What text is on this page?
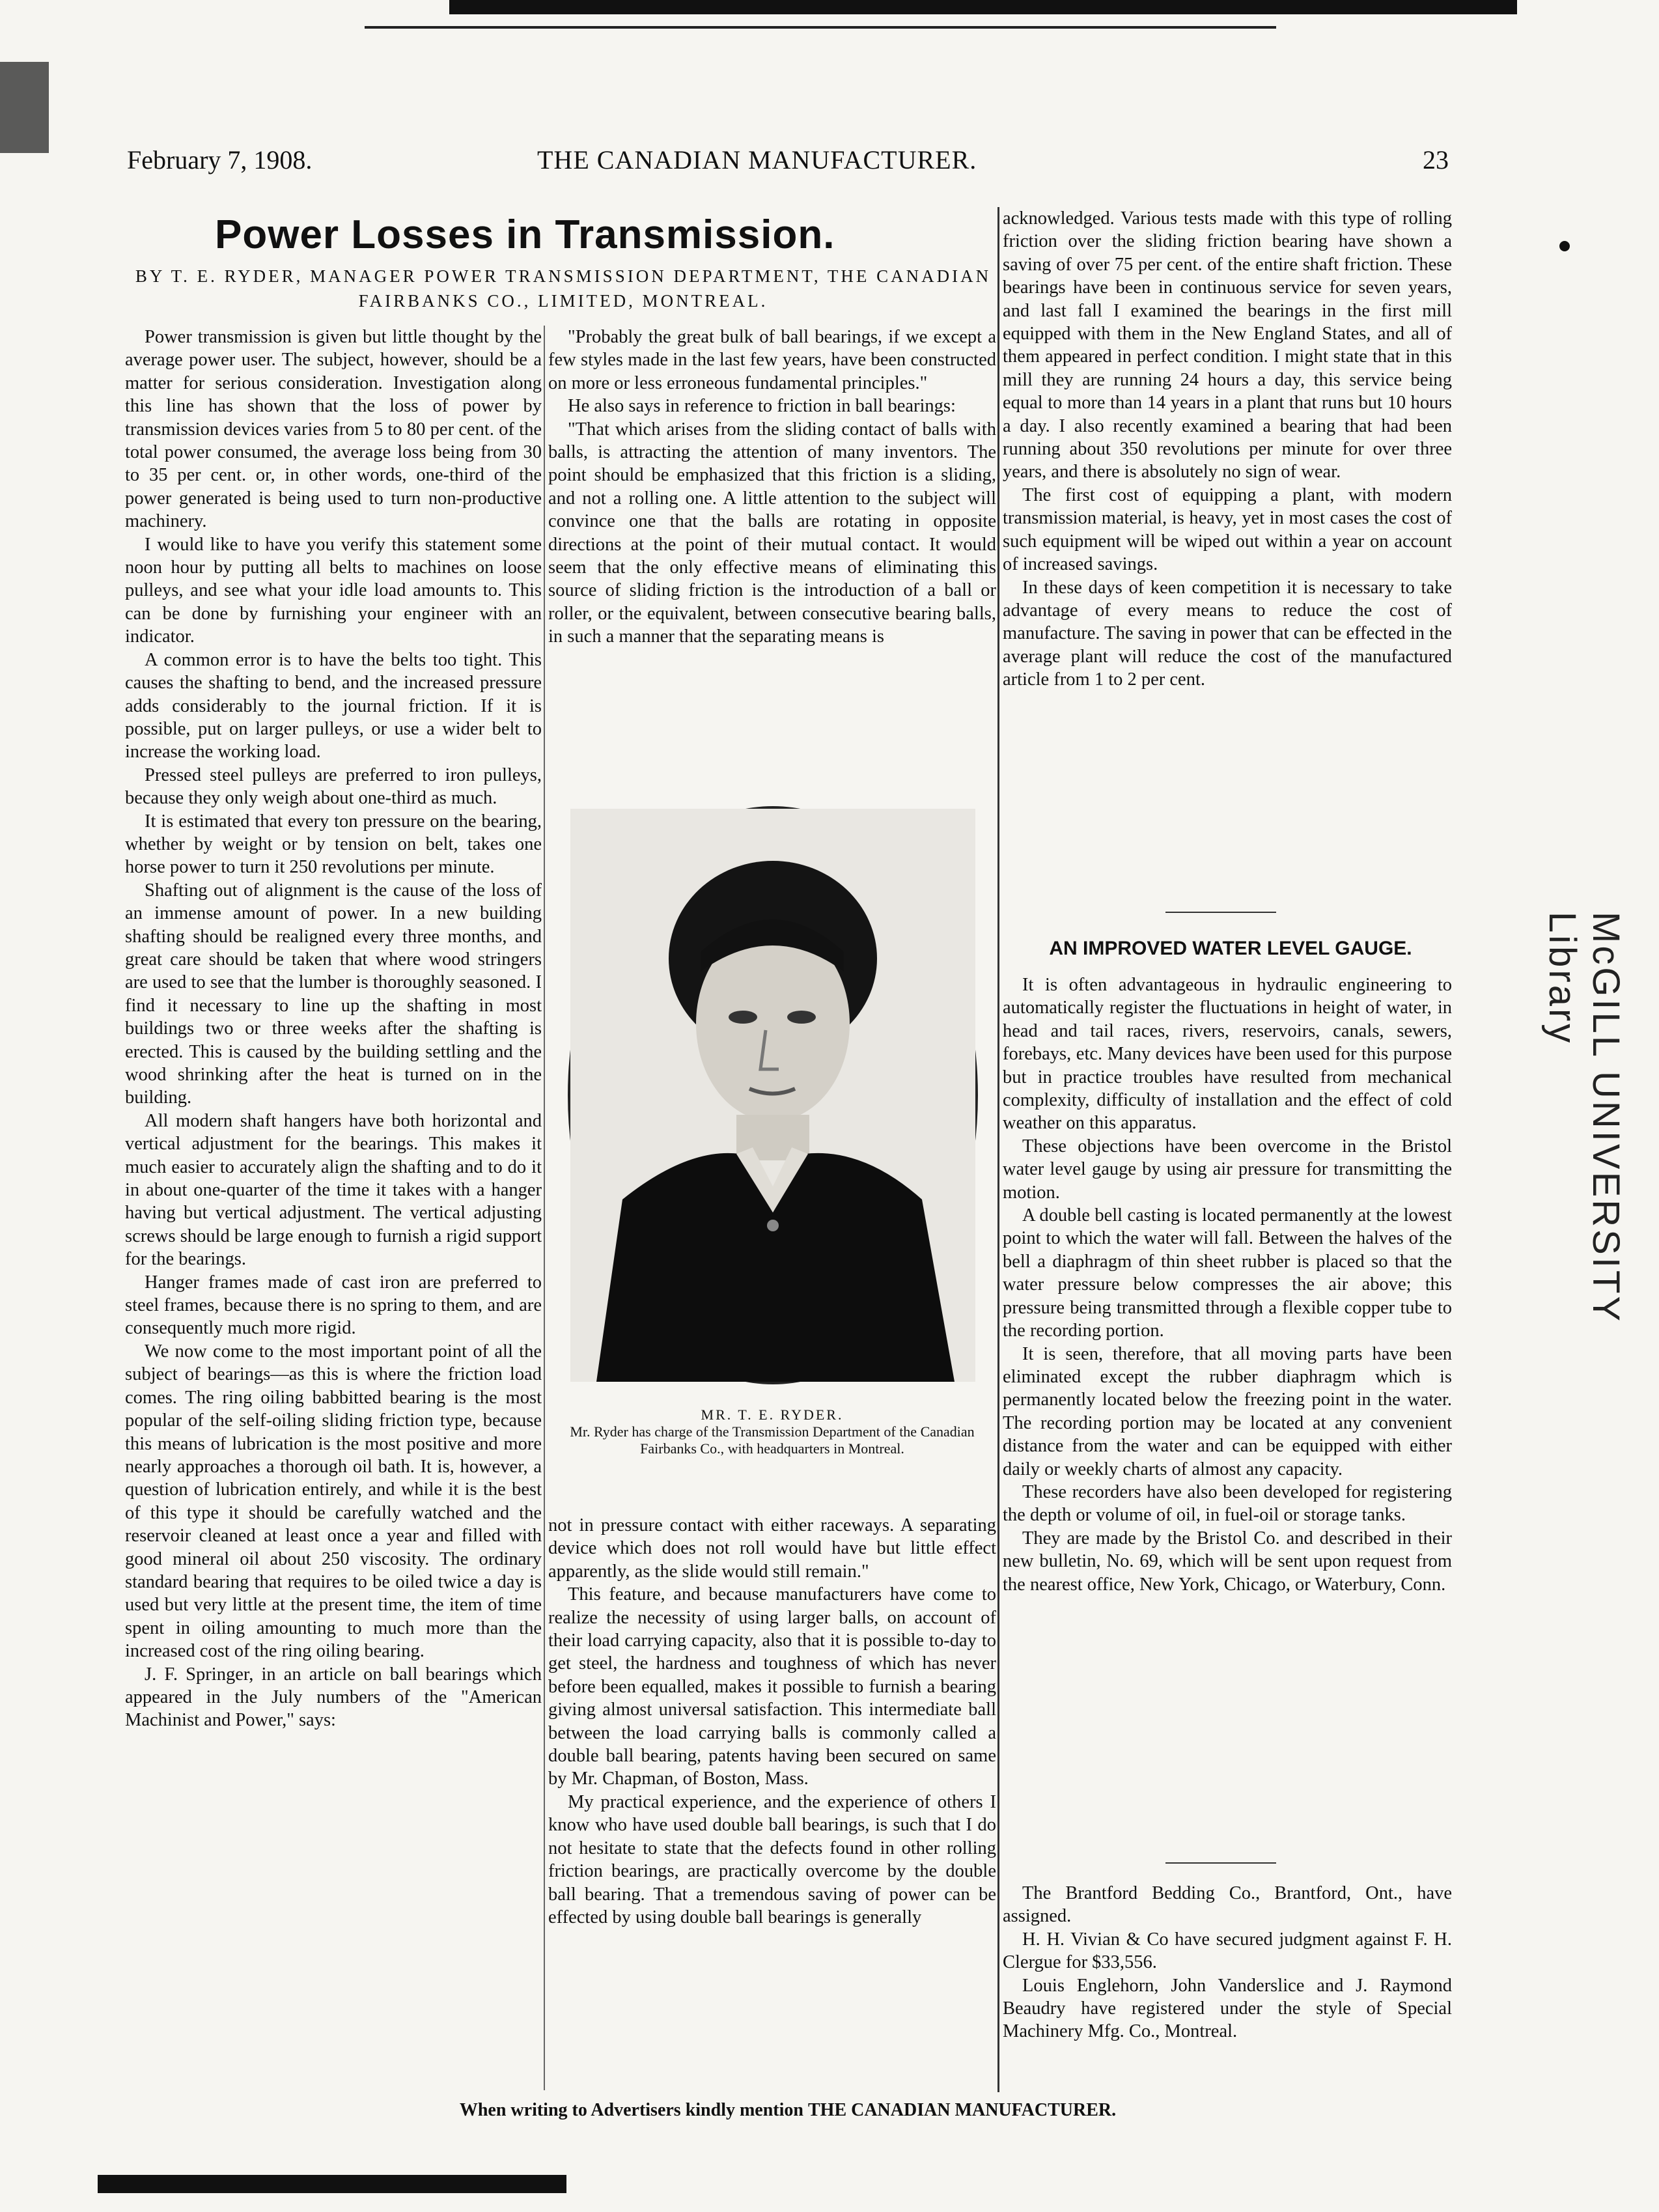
McGILL UNIVERSITY Library
February 7, 1908.	THE CANADIAN MANUFACTURER.	23
Power Losses in Transmission.
BY T. E. RYDER, MANAGER POWER TRANSMISSION DEPARTMENT, THE CANADIAN FAIRBANKS CO., LIMITED, MONTREAL.

Power transmission is given but little thought by the average power user. The subject, however, should be a matter for serious consideration. Investigation along this line has shown that the loss of power by transmission devices varies from 5 to 80 per cent. of the total power consumed, the average loss being from 30 to 35 per cent. or, in other words, one-third of the power generated is being used to turn non-productive machinery.

I would like to have you verify this statement some noon hour by putting all belts to machines on loose pulleys, and see what your idle load amounts to. This can be done by furnishing your engineer with an indicator.

A common error is to have the belts too tight. This causes the shafting to bend, and the increased pressure adds considerably to the journal friction. If it is possible, put on larger pulleys, or use a wider belt to increase the working load.

Pressed steel pulleys are preferred to iron pulleys, because they only weigh about one-third as much.

It is estimated that every ton pressure on the bearing, whether by weight or by tension on belt, takes one horse power to turn it 250 revolutions per minute.

Shafting out of alignment is the cause of the loss of an immense amount of power. In a new building shafting should be realigned every three months, and great care should be taken that where wood stringers are used to see that the lumber is thoroughly seasoned. I find it necessary to line up the shafting in most buildings two or three weeks after the shafting is erected. This is caused by the building settling and the wood shrinking after the heat is turned on in the building.

All modern shaft hangers have both horizontal and vertical adjustment for the bearings. This makes it much easier to accurately align the shafting and to do it in about one-quarter of the time it takes with a hanger having but vertical adjustment. The vertical adjusting screws should be large enough to furnish a rigid support for the bearings.

Hanger frames made of cast iron are preferred to steel frames, because there is no spring to them, and are consequently much more rigid.

We now come to the most important point of all the subject of bearings—as this is where the friction load comes. The ring oiling babbitted bearing is the most popular of the self-oiling sliding friction type, because this means of lubrication is the most positive and more nearly approaches a thorough oil bath. It is, however, a question of lubrication entirely, and while it is the best of this type it should be carefully watched and the reservoir cleaned at least once a year and filled with good mineral oil about 250 viscosity. The ordinary standard bearing that requires to be oiled twice a day is used but very little at the present time, the item of time spent in oiling amounting to much more than the increased cost of the ring oiling bearing.

J. F. Springer, in an article on ball bearings which appeared in the July numbers of the "American Machinist and Power," says:

"Probably the great bulk of ball bearings, if we except a few styles made in the last few years, have been constructed on more or less erroneous fundamental principles."

He also says in reference to friction in ball bearings:

"That which arises from the sliding contact of balls with balls, is attracting the attention of many inventors. The point should be emphasized that this friction is a sliding, and not a rolling one. A little attention to the subject will convince one that the balls are rotating in opposite directions at the point of their mutual contact. It would seem that the only effective means of eliminating this source of sliding friction is the introduction of a ball or roller, or the equivalent, between consecutive bearing balls, in such a manner that the separating means is

MR. T. E. RYDER.
Mr. Ryder has charge of the Transmission Department of the Canadian Fairbanks Co., with headquarters in Montreal.

not in pressure contact with either raceways. A separating device which does not roll would have but little effect apparently, as the slide would still remain."

This feature, and because manufacturers have come to realize the necessity of using larger balls, on account of their load carrying capacity, also that it is possible to-day to get steel, the hardness and toughness of which has never before been equalled, makes it possible to furnish a bearing giving almost universal satisfaction. This intermediate ball between the load carrying balls is commonly called a double ball bearing, patents having been secured on same by Mr. Chapman, of Boston, Mass.

My practical experience, and the experience of others I know who have used double ball bearings, is such that I do not hesitate to state that the defects found in other rolling friction bearings, are practically overcome by the double ball bearing. That a tremendous saving of power can be effected by using double ball bearings is generally

acknowledged. Various tests made with this type of rolling friction over the sliding friction bearing have shown a saving of over 75 per cent. of the entire shaft friction. These bearings have been in continuous service for seven years, and last fall I examined the bearings in the first mill equipped with them in the New England States, and all of them appeared in perfect condition. I might state that in this mill they are running 24 hours a day, this service being equal to more than 14 years in a plant that runs but 10 hours a day. I also recently examined a bearing that had been running about 350 revolutions per minute for over three years, and there is absolutely no sign of wear.

The first cost of equipping a plant, with modern transmission material, is heavy, yet in most cases the cost of such equipment will be wiped out within a year on account of increased savings.

In these days of keen competition it is necessary to take advantage of every means to reduce the cost of manufacture. The saving in power that can be effected in the average plant will reduce the cost of the manufactured article from 1 to 2 per cent.

AN IMPROVED WATER LEVEL GAUGE.

It is often advantageous in hydraulic engineering to automatically register the fluctuations in height of water, in head and tail races, rivers, reservoirs, canals, sewers, forebays, etc. Many devices have been used for this purpose but in practice troubles have resulted from mechanical complexity, difficulty of installation and the effect of cold weather on this apparatus.

These objections have been overcome in the Bristol water level gauge by using air pressure for transmitting the motion.

A double bell casting is located permanently at the lowest point to which the water will fall. Between the halves of the bell a diaphragm of thin sheet rubber is placed so that the water pressure below compresses the air above; this pressure being transmitted through a flexible copper tube to the recording portion.

It is seen, therefore, that all moving parts have been eliminated except the rubber diaphragm which is permanently located below the freezing point in the water. The recording portion may be located at any convenient distance from the water and can be equipped with either daily or weekly charts of almost any capacity.

These recorders have also been developed for registering the depth or volume of oil, in fuel-oil or storage tanks.

They are made by the Bristol Co. and described in their new bulletin, No. 69, which will be sent upon request from the nearest office, New York, Chicago, or Waterbury, Conn.

The Brantford Bedding Co., Brantford, Ont., have assigned.

H. H. Vivian & Co have secured judgment against F. H. Clergue for $33,556.

Louis Englehorn, John Vanderslice and J. Raymond Beaudry have registered under the style of Special Machinery Mfg. Co., Montreal.

When writing to Advertisers kindly mention THE CANADIAN MANUFACTURER.
